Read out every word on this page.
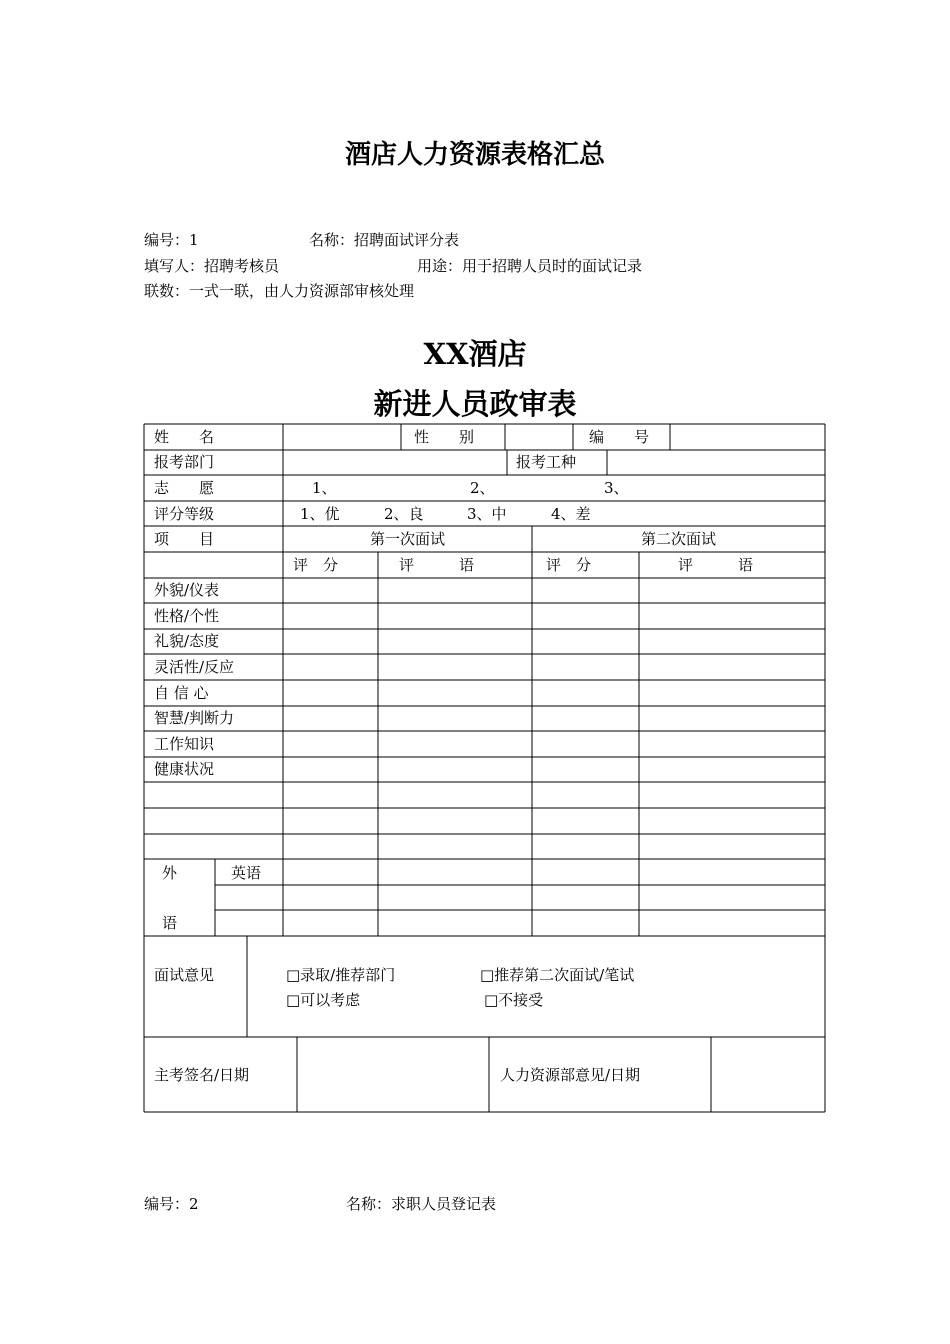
酒店人力资源表格汇总
编号：1	名称：招聘面试评分表
填写人：招聘考核员	用途：用于招聘人员时的面试记录
联数：一式一联，由人力资源部审核处理
XX酒店
新进人员政审表
姓　　名	性　　别	编　　号
报考部门	报考工种
志　　愿	1、	2、	3、
评分等级	1、优	2、良	3、中	4、差
项　　目	第一次面试	第二次面试
评　分	评　　　语	评　分	评　　　语
外貌/仪表
性格/个性
礼貌/态度
灵活性/反应
自 信 心
智慧/判断力
工作知识
健康状况
外
语
英语
面试意见	□录取/推荐部门	□推荐第二次面试/笔试
□可以考虑	□不接受
主考签名/日期	人力资源部意见/日期
编号：2	名称：求职人员登记表
